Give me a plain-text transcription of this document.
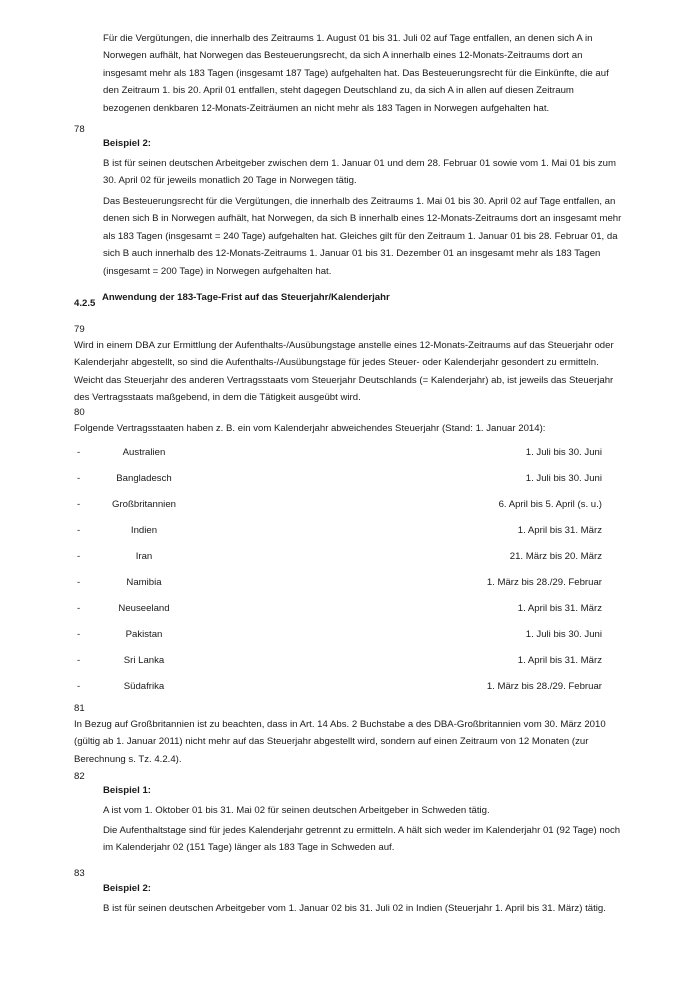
Für die Vergütungen, die innerhalb des Zeitraums 1. August 01 bis 31. Juli 02 auf Tage entfallen, an denen sich A in Norwegen aufhält, hat Norwegen das Besteuerungsrecht, da sich A innerhalb eines 12-Monats-Zeitraums dort an insgesamt mehr als 183 Tagen (insgesamt 187 Tage) aufgehalten hat. Das Besteuerungsrecht für die Einkünfte, die auf den Zeitraum 1. bis 20. April 01 entfallen, steht dagegen Deutschland zu, da sich A in allen auf diesen Zeitraum bezogenen denkbaren 12-Monats-Zeiträumen an nicht mehr als 183 Tagen in Norwegen aufgehalten hat.

78

Beispiel 2:

B ist für seinen deutschen Arbeitgeber zwischen dem 1. Januar 01 und dem 28. Februar 01 sowie vom 1. Mai 01 bis zum 30. April 02 für jeweils monatlich 20 Tage in Norwegen tätig.

Das Besteuerungsrecht für die Vergütungen, die innerhalb des Zeitraums 1. Mai 01 bis 30. April 02 auf Tage entfallen, an denen sich B in Norwegen aufhält, hat Norwegen, da sich B innerhalb eines 12-Monats-Zeitraums dort an insgesamt mehr als 183 Tagen (insgesamt = 240 Tage) aufgehalten hat. Gleiches gilt für den Zeitraum 1. Januar 01 bis 28. Februar 01, da sich B auch innerhalb des 12-Monats-Zeitraums 1. Januar 01 bis 31. Dezember 01 an insgesamt mehr als 183 Tagen (insgesamt = 200 Tage) in Norwegen aufgehalten hat.

4.2.5
Anwendung der 183-Tage-Frist auf das Steuerjahr/Kalenderjahr
79

Wird in einem DBA zur Ermittlung der Aufenthalts-/Ausübungstage anstelle eines 12-Monats-Zeitraums auf das Steuerjahr oder Kalenderjahr abgestellt, so sind die Aufenthalts-/Ausübungstage für jedes Steuer- oder Kalenderjahr gesondert zu ermitteln. Weicht das Steuerjahr des anderen Vertragsstaats vom Steuerjahr Deutschlands (= Kalenderjahr) ab, ist jeweils das Steuerjahr des Vertragsstaats maßgebend, in dem die Tätigkeit ausgeübt wird.

80

Folgende Vertragsstaaten haben z. B. ein vom Kalenderjahr abweichendes Steuerjahr (Stand: 1. Januar 2014):

-	Australien	1. Juli bis 30. Juni
-	Bangladesch	1. Juli bis 30. Juni
-	Großbritannien	6. April bis 5. April (s. u.)
-	Indien	1. April bis 31. März
-	Iran	21. März bis 20. März
-	Namibia	1. März bis 28./29. Februar
-	Neuseeland	1. April bis 31. März
-	Pakistan	1. Juli bis 30. Juni
-	Sri Lanka	1. April bis 31. März
-	Südafrika	1. März bis 28./29. Februar
81

In Bezug auf Großbritannien ist zu beachten, dass in Art. 14 Abs. 2 Buchstabe a des DBA-Großbritannien vom 30. März 2010 (gültig ab 1. Januar 2011) nicht mehr auf das Steuerjahr abgestellt wird, sondern auf einen Zeitraum von 12 Monaten (zur Berechnung s. Tz. 4.2.4).

82

Beispiel 1:

A ist vom 1. Oktober 01 bis 31. Mai 02 für seinen deutschen Arbeitgeber in Schweden tätig.

Die Aufenthaltstage sind für jedes Kalenderjahr getrennt zu ermitteln. A hält sich weder im Kalenderjahr 01 (92 Tage) noch im Kalenderjahr 02 (151 Tage) länger als 183 Tage in Schweden auf.

83

Beispiel 2:

B ist für seinen deutschen Arbeitgeber vom 1. Januar 02 bis 31. Juli 02 in Indien (Steuerjahr 1. April bis 31. März) tätig.
